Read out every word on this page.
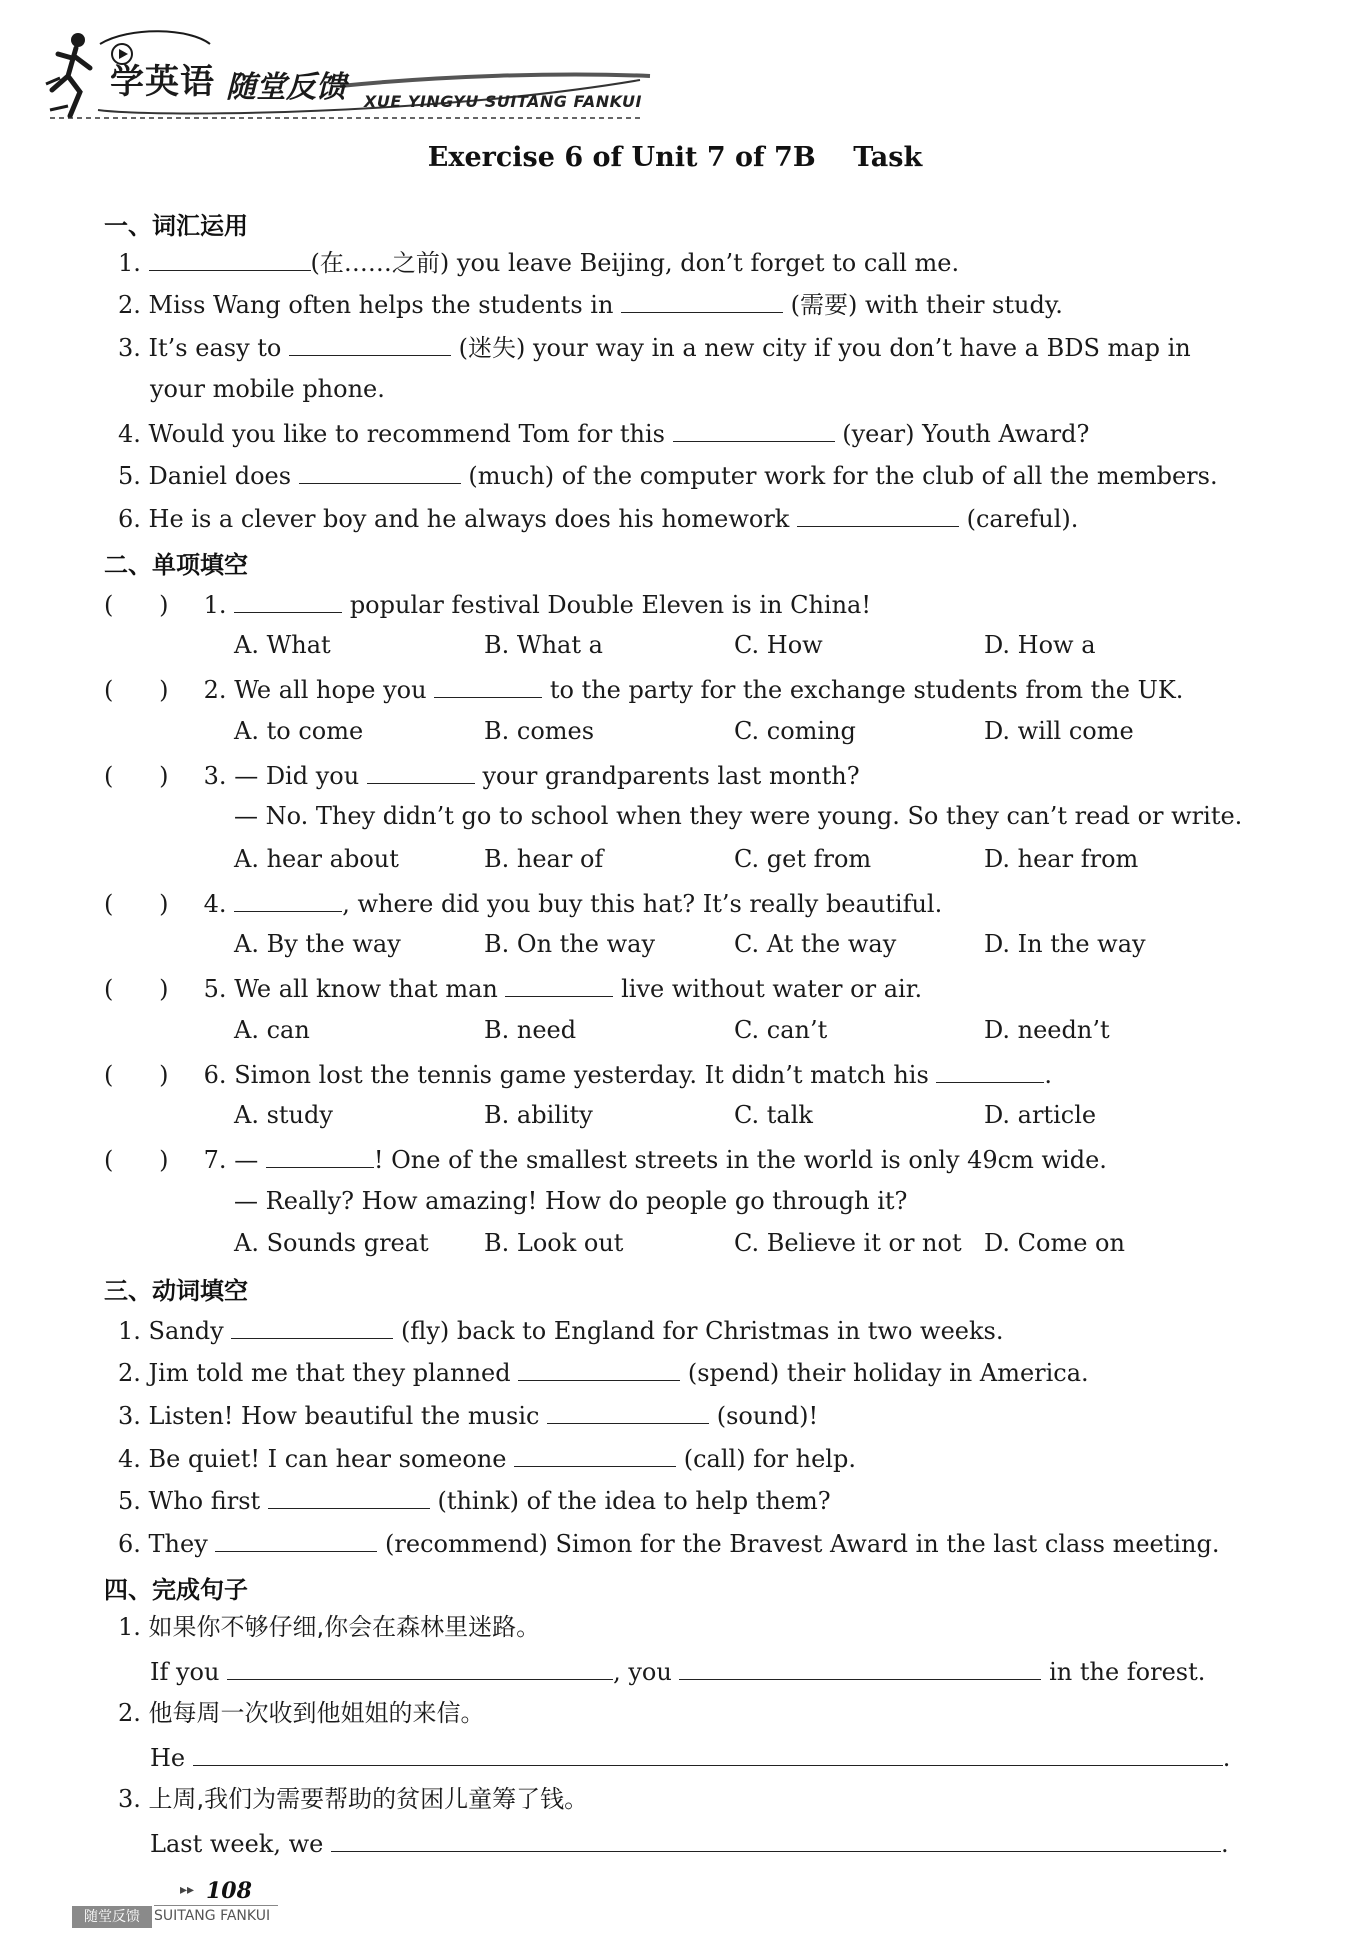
学英语 随堂反馈 XUE YINGYU SUITANG FANKUI
Exercise 6 of Unit 7 of 7B Task
一、词汇运用
1.	(在……之前) you leave Beijing, don’t forget to call me.
2. Miss Wang often helps the students in	(需要) with their study.
3. It’s easy to	(迷失) your way in a new city if you don’t have a BDS map in
your mobile phone.
4. Would you like to recommend Tom for this	(year) Youth Award?
5. Daniel does	(much) of the computer work for the club of all the members.
6. He is a clever boy and he always does his homework	(careful).
二、单项填空
( ) 1.	popular festival Double Eleven is in China!
A. What	B. What a	C. How	D. How a
( ) 2. We all hope you	to the party for the exchange students from the UK.
A. to come	B. comes	C. coming	D. will come
( ) 3. — Did you	your grandparents last month?
— No. They didn’t go to school when they were young. So they can’t read or write.
A. hear about	B. hear of	C. get from	D. hear from
( ) 4.	, where did you buy this hat? It’s really beautiful.
A. By the way	B. On the way	C. At the way	D. In the way
( ) 5. We all know that man	live without water or air.
A. can	B. need	C. can’t	D. needn’t
( ) 6. Simon lost the tennis game yesterday. It didn’t match his	.
A. study	B. ability	C. talk	D. article
( ) 7. —	! One of the smallest streets in the world is only 49cm wide.
— Really? How amazing! How do people go through it?
A. Sounds great B. Look out	C. Believe it or not D. Come on
三、动词填空
1. Sandy	(fly) back to England for Christmas in two weeks.
2. Jim told me that they planned	(spend) their holiday in America.
3. Listen! How beautiful the music	(sound)!
4. Be quiet! I can hear someone	(call) for help.
5. Who first	(think) of the idea to help them?
6. They	(recommend) Simon for the Bravest Award in the last class meeting.
四、完成句子
1. 如果你不够仔细,你会在森林里迷路。
If you	, you	in the forest.
2. 他每周一次收到他姐姐的来信。
He	.
3. 上周,我们为需要帮助的贫困儿童筹了钱。
Last week, we	.
▸▸ 108
随堂反馈	SUITANG FANKUI
